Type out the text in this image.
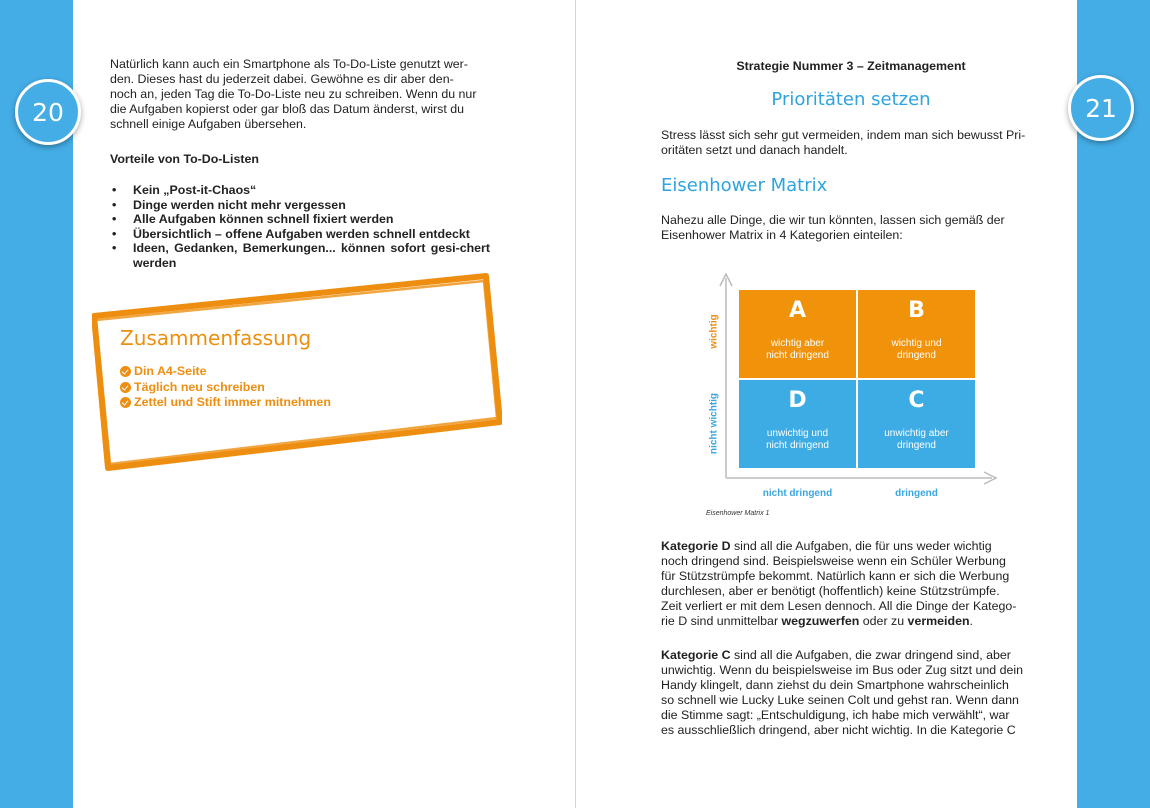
20	21

Natürlich kann auch ein Smartphone als To-Do-Liste genutzt wer-

den. Dieses hast du jederzeit dabei. Gewöhne es dir aber den-

noch an, jeden Tag die To-Do-Liste neu zu schreiben. Wenn du nur

die Aufgaben kopierst oder gar bloß das Datum änderst, wirst du

schnell einige Aufgaben übersehen.

Vorteile von To-Do-Listen
• Kein „Post-it-Chaos“
• Dinge werden nicht mehr vergessen
• Alle Aufgaben können schnell fixiert werden
• Übersichtlich – offene Aufgaben werden schnell entdeckt
• Ideen, Gedanken, Bemerkungen... können sofort gesi-chert werden
Zusammenfassung
Din A4-Seite
Täglich neu schreiben
Zettel und Stift immer mitnehmen
Strategie Nummer 3 – Zeitmanagement
Prioritäten setzen

Stress lässt sich sehr gut vermeiden, indem man sich bewusst Pri-

oritäten setzt und danach handelt.

Eisenhower Matrix

Nahezu alle Dinge, die wir tun könnten, lassen sich gemäß der

Eisenhower Matrix in 4 Kategorien einteilen:

A
wichtig aber
nicht dringend
B
wichtig und
dringend
D
unwichtig und
nicht dringend
C
unwichtig aber
dringend
wichtig
nicht wichtig
nicht dringend	dringend
Eisenhower Matrix 1

Kategorie D sind all die Aufgaben, die für uns weder wichtig

noch dringend sind. Beispielsweise wenn ein Schüler Werbung

für Stützstrümpfe bekommt. Natürlich kann er sich die Werbung

durchlesen, aber er benötigt (hoffentlich) keine Stützstrümpfe.

Zeit verliert er mit dem Lesen dennoch. All die Dinge der Katego-

rie D sind unmittelbar wegzuwerfen oder zu vermeiden.

Kategorie C sind all die Aufgaben, die zwar dringend sind, aber

unwichtig. Wenn du beispielsweise im Bus oder Zug sitzt und dein

Handy klingelt, dann ziehst du dein Smartphone wahrscheinlich

so schnell wie Lucky Luke seinen Colt und gehst ran. Wenn dann

die Stimme sagt: „Entschuldigung, ich habe mich verwählt“, war

es ausschließlich dringend, aber nicht wichtig. In die Kategorie C
